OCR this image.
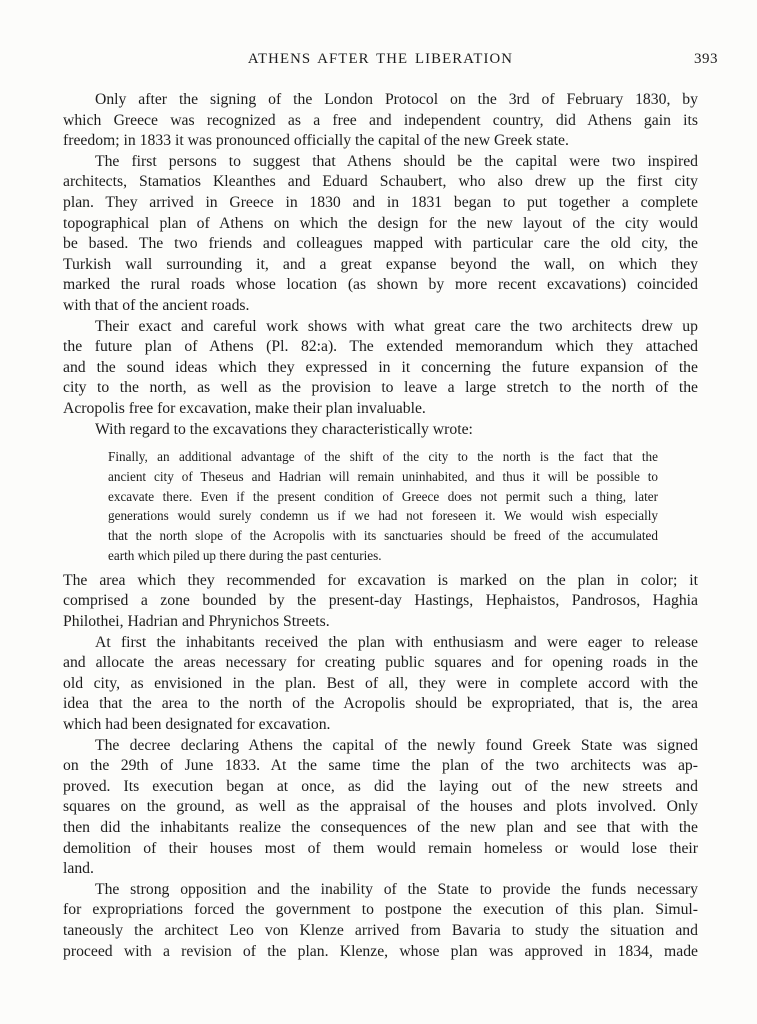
ATHENS AFTER THE LIBERATION	393
Only after the signing of the London Protocol on the 3rd of February 1830, by
which Greece was recognized as a free and independent country, did Athens gain its
freedom; in 1833 it was pronounced officially the capital of the new Greek state.
The first persons to suggest that Athens should be the capital were two inspired
architects, Stamatios Kleanthes and Eduard Schaubert, who also drew up the first city
plan. They arrived in Greece in 1830 and in 1831 began to put together a complete
topographical plan of Athens on which the design for the new layout of the city would
be based. The two friends and colleagues mapped with particular care the old city, the
Turkish wall surrounding it, and a great expanse beyond the wall, on which they
marked the rural roads whose location (as shown by more recent excavations) coincided
with that of the ancient roads.
Their exact and careful work shows with what great care the two architects drew up
the future plan of Athens (Pl. 82:a). The extended memorandum which they attached
and the sound ideas which they expressed in it concerning the future expansion of the
city to the north, as well as the provision to leave a large stretch to the north of the
Acropolis free for excavation, make their plan invaluable.
With regard to the excavations they characteristically wrote:
Finally, an additional advantage of the shift of the city to the north is the fact that the
ancient city of Theseus and Hadrian will remain uninhabited, and thus it will be possible to
excavate there. Even if the present condition of Greece does not permit such a thing, later
generations would surely condemn us if we had not foreseen it. We would wish especially
that the north slope of the Acropolis with its sanctuaries should be freed of the accumulated
earth which piled up there during the past centuries.
The area which they recommended for excavation is marked on the plan in color; it
comprised a zone bounded by the present-day Hastings, Hephaistos, Pandrosos, Haghia
Philothei, Hadrian and Phrynichos Streets.
At first the inhabitants received the plan with enthusiasm and were eager to release
and allocate the areas necessary for creating public squares and for opening roads in the
old city, as envisioned in the plan. Best of all, they were in complete accord with the
idea that the area to the north of the Acropolis should be expropriated, that is, the area
which had been designated for excavation.
The decree declaring Athens the capital of the newly found Greek State was signed
on the 29th of June 1833. At the same time the plan of the two architects was ap-
proved. Its execution began at once, as did the laying out of the new streets and
squares on the ground, as well as the appraisal of the houses and plots involved. Only
then did the inhabitants realize the consequences of the new plan and see that with the
demolition of their houses most of them would remain homeless or would lose their
land.
The strong opposition and the inability of the State to provide the funds necessary
for expropriations forced the government to postpone the execution of this plan. Simul-
taneously the architect Leo von Klenze arrived from Bavaria to study the situation and
proceed with a revision of the plan. Klenze, whose plan was approved in 1834, made
